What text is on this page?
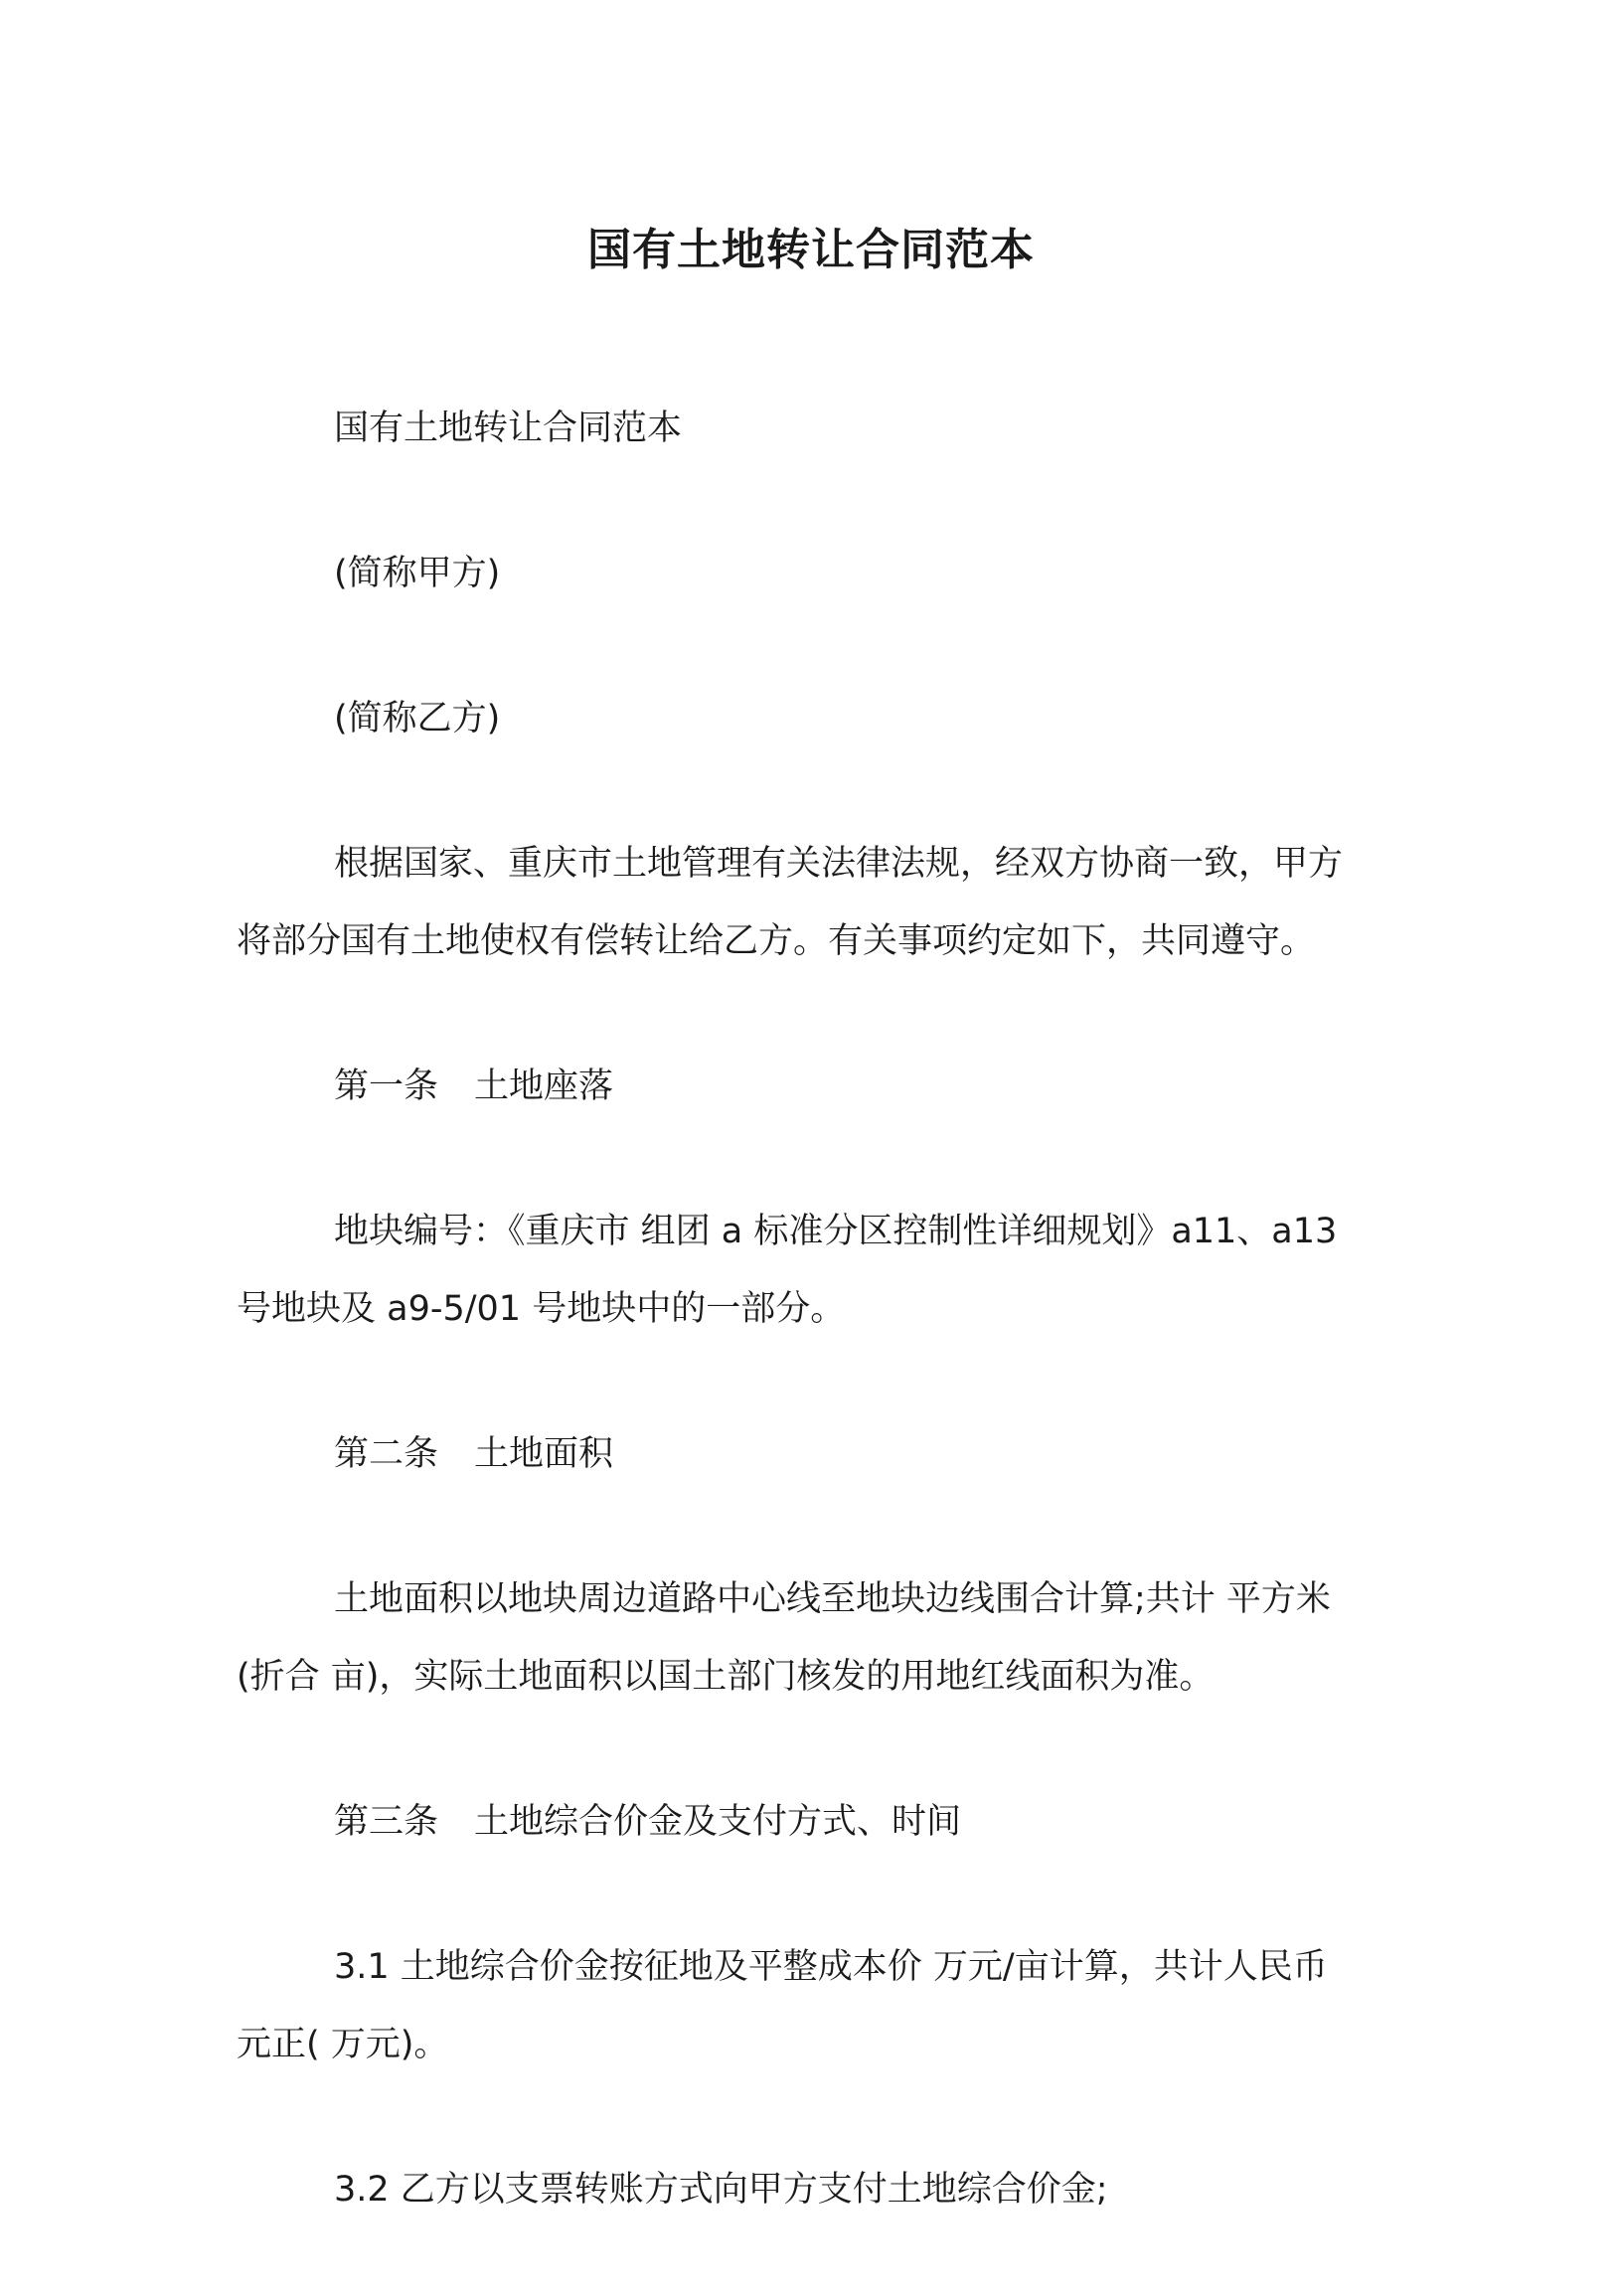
国有土地转让合同范本

国有土地转让合同范本

(简称甲方)

(简称乙方)

根据国家、重庆市土地管理有关法律法规，经双方协商一致，甲方将部分国有土地使权有偿转让给乙方。有关事项约定如下，共同遵守。

第一条 土地座落

地块编号：《重庆市 组团 a 标准分区控制性详细规划》a11、a13 号地块及 a9-5/01 号地块中的一部分。

第二条 土地面积

土地面积以地块周边道路中心线至地块边线围合计算;共计 平方米(折合 亩)，实际土地面积以国土部门核发的用地红线面积为准。

第三条 土地综合价金及支付方式、时间

3.1 土地综合价金按征地及平整成本价 万元/亩计算，共计人民币 元正( 万元)。

3.2 乙方以支票转账方式向甲方支付土地综合价金;
